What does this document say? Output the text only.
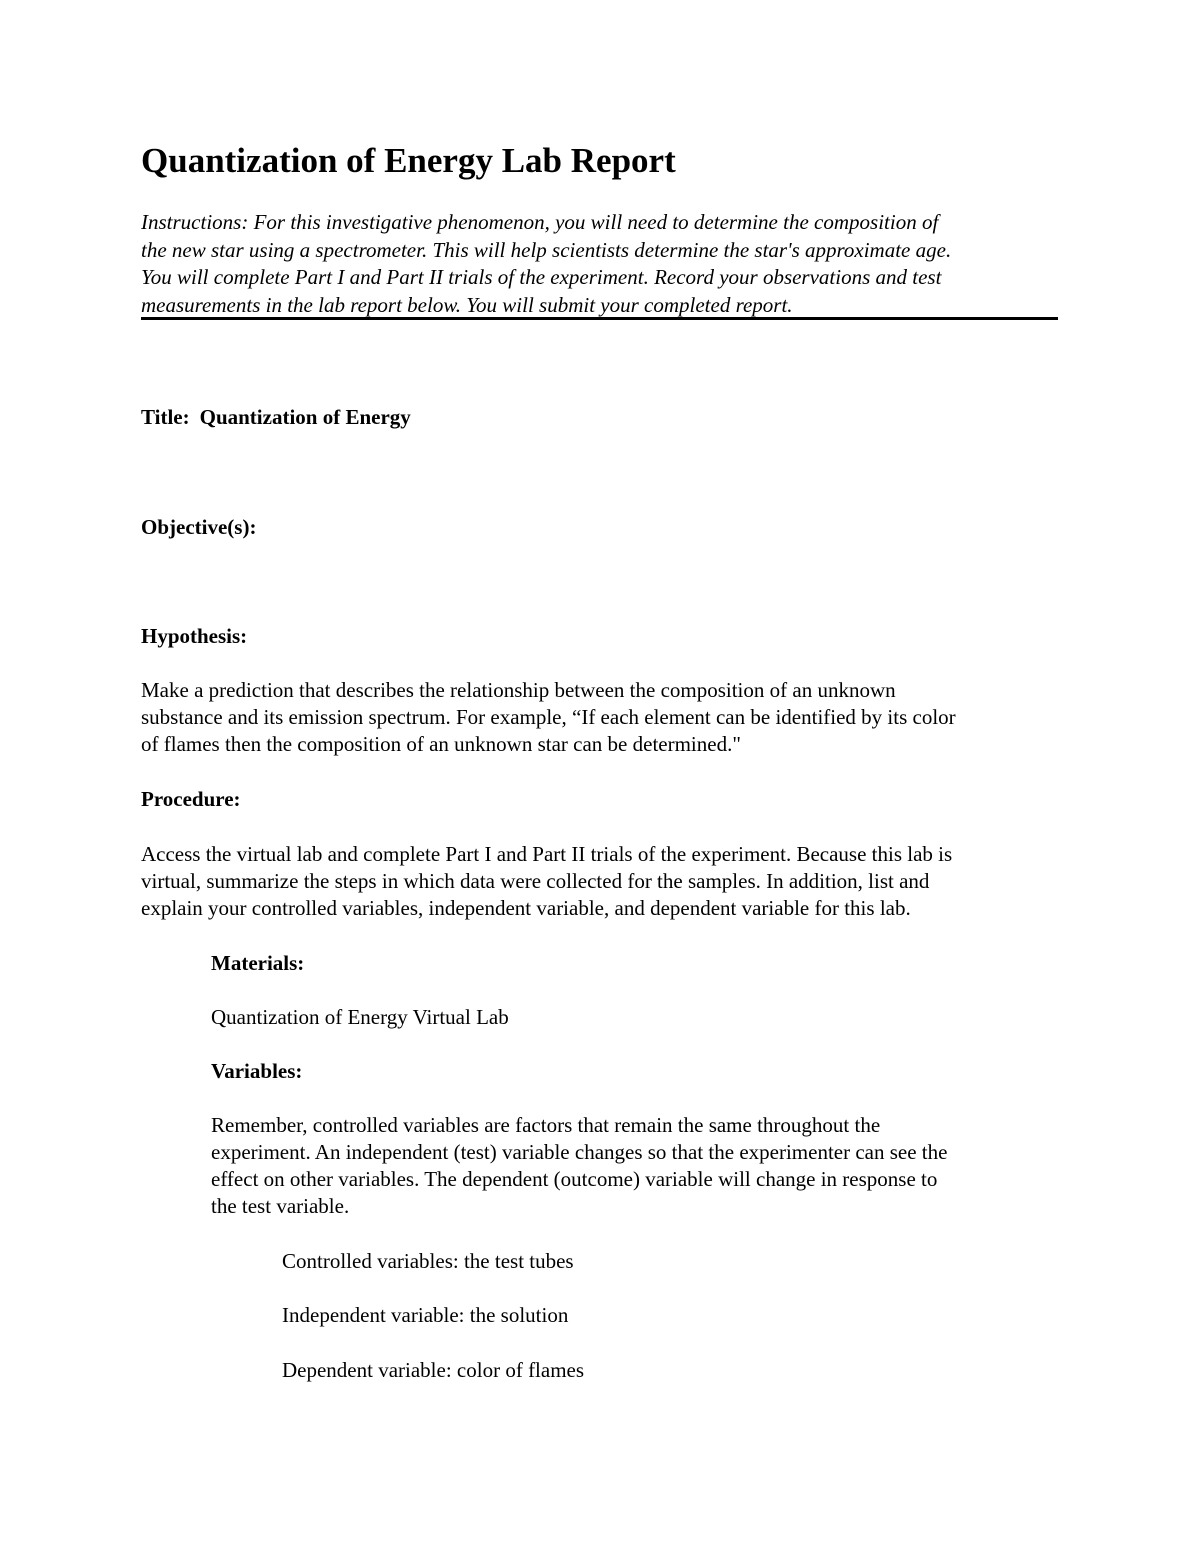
Quantization of Energy Lab Report
Instructions: For this investigative phenomenon, you will need to determine the composition of
the new star using a spectrometer. This will help scientists determine the star's approximate age.
You will complete Part I and Part II trials of the experiment. Record your observations and test
measurements in the lab report below. You will submit your completed report.
Title: Quantization of Energy
Objective(s):
Hypothesis:
Make a prediction that describes the relationship between the composition of an unknown
substance and its emission spectrum. For example, “If each element can be identified by its color
of flames then the composition of an unknown star can be determined."
Procedure:
Access the virtual lab and complete Part I and Part II trials of the experiment. Because this lab is
virtual, summarize the steps in which data were collected for the samples. In addition, list and
explain your controlled variables, independent variable, and dependent variable for this lab.
Materials:
Quantization of Energy Virtual Lab
Variables:
Remember, controlled variables are factors that remain the same throughout the
experiment. An independent (test) variable changes so that the experimenter can see the
effect on other variables. The dependent (outcome) variable will change in response to
the test variable.
Controlled variables: the test tubes
Independent variable: the solution
Dependent variable: color of flames
